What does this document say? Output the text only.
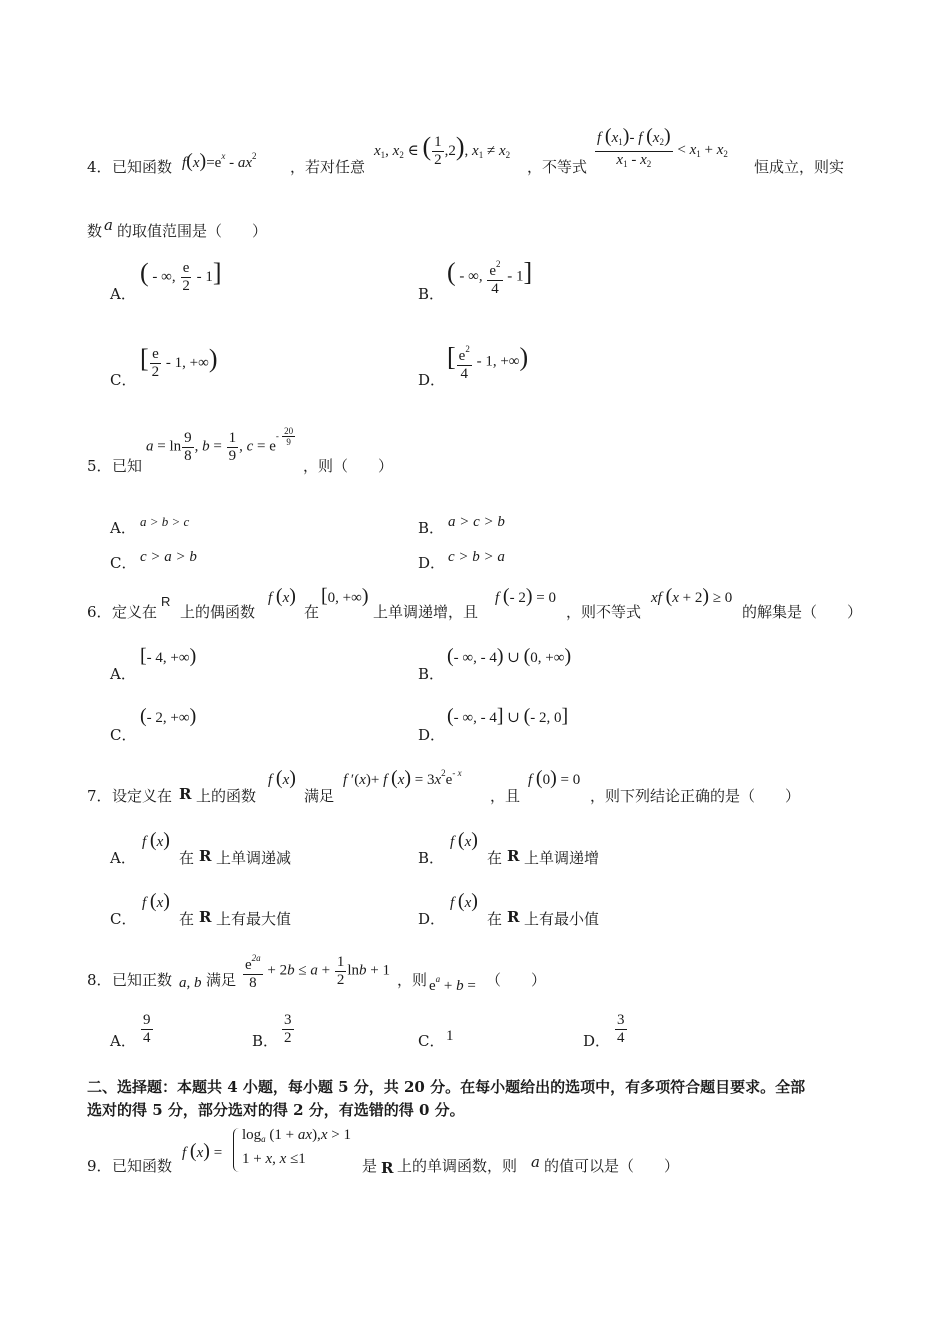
4． 已知函数 $f(x)=e^x - ax^2$
，若对任意
$x_1$, $x_2$ ∈ ( $\frac{1}{2} ,2$), $x_1 \ne x_2$
，不等式 $\frac{f (x_1)- f (x_2)}{x_1 - x_2} < x_1 + x_2$
恒成立，则实
数 a 的取值范围是（　　）
A．
( - ∞, $\frac{e}{2} - 1$]
B．
( - ∞, $\frac{e^2}{4} - 1$]
C．
[ $\frac{e}{2} - 1$, +∞)
D．
[ $\frac{e^2}{4} - 1$, +∞)
5． 已知
$a = \ln \frac{9}{8}$ , $b = \frac{1}{9}$ , $c = e^{- \frac{20}{9}}$
，则（　　）
A． a > b > c	B． a > c > b
C． c > a > b	D． c > b > a
6． 定义在
R
上的偶函数
f (x)
在
[0, +∞)
上单调递增，且
f (- 2) = 0
，则不等式
xf (x + 2) ≥ 0
的解集是（　　）
A．
[- 4, +∞)
B．
(- ∞, - 4) ∪ (0, +∞)
C．
(- 2, +∞)
D．
(- ∞, - 4] ∪ (- 2, 0]
7． 设定义在 R 上的函数
f (x)
满足
f ′(x)+ f $(x) = 3x^2e^{- x}$
，且
f (0) = 0
，则下列结论正确的是（　　）
A．
f (x)
在 R 上单调递减	B．
f (x)
在 R 上单调递增
C．
f (x)
在 R 上有最大值	D．
f (x)
在 R 上有最小值
8． 已知正数 a, b 满足 $\frac{e^{2a}}{8} + 2b \le a + \frac{1}{2}$ lnb + 1
，则 $e^a + b$ = （　　）
A． $\frac{9}{4}$	B． $\frac{3}{2}$	C． 1	D． $\frac{3}{4}$
二、选择题：本题共 4 小题，每小题 5 分，共 20 分。在每小题给出的选项中，有多项符合题目要求。全部
选对的得 5 分，部分选对的得 2 分，有选错的得 0 分。
9． 已知函数
f (x) =
$\log_a (1 + ax),x > 1$
1 + x, x ≤1	是 R 上的单调函数，则 a 的值可以是（　　）
